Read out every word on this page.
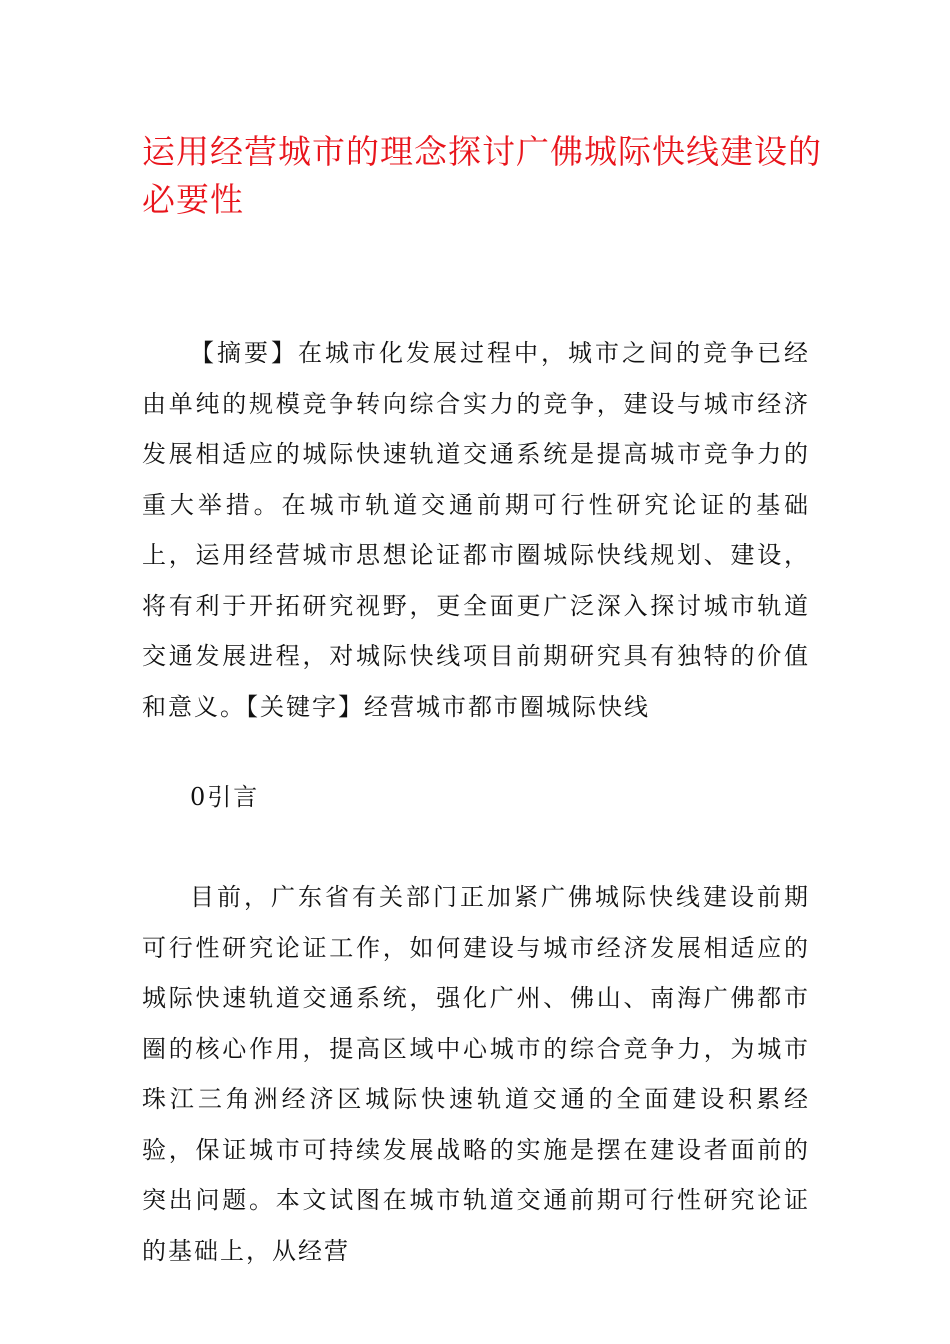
运用经营城市的理念探讨广佛城际快线建设的必要性

【摘要】在城市化发展过程中，城市之间的竞争已经由单纯的规模竞争转向综合实力的竞争，建设与城市经济发展相适应的城际快速轨道交通系统是提高城市竞争力的重大举措。在城市轨道交通前期可行性研究论证的基础上，运用经营城市思想论证都市圈城际快线规划、建设，将有利于开拓研究视野，更全面更广泛深入探讨城市轨道交通发展进程，对城际快线项目前期研究具有独特的价值和意义。【关键字】经营城市都市圈城际快线

0引言

目前，广东省有关部门正加紧广佛城际快线建设前期可行性研究论证工作，如何建设与城市经济发展相适应的城际快速轨道交通系统，强化广州、佛山、南海广佛都市圈的核心作用，提高区域中心城市的综合竞争力，为城市珠江三角洲经济区城际快速轨道交通的全面建设积累经验，保证城市可持续发展战略的实施是摆在建设者面前的突出问题。本文试图在城市轨道交通前期可行性研究论证的基础上，从经营
